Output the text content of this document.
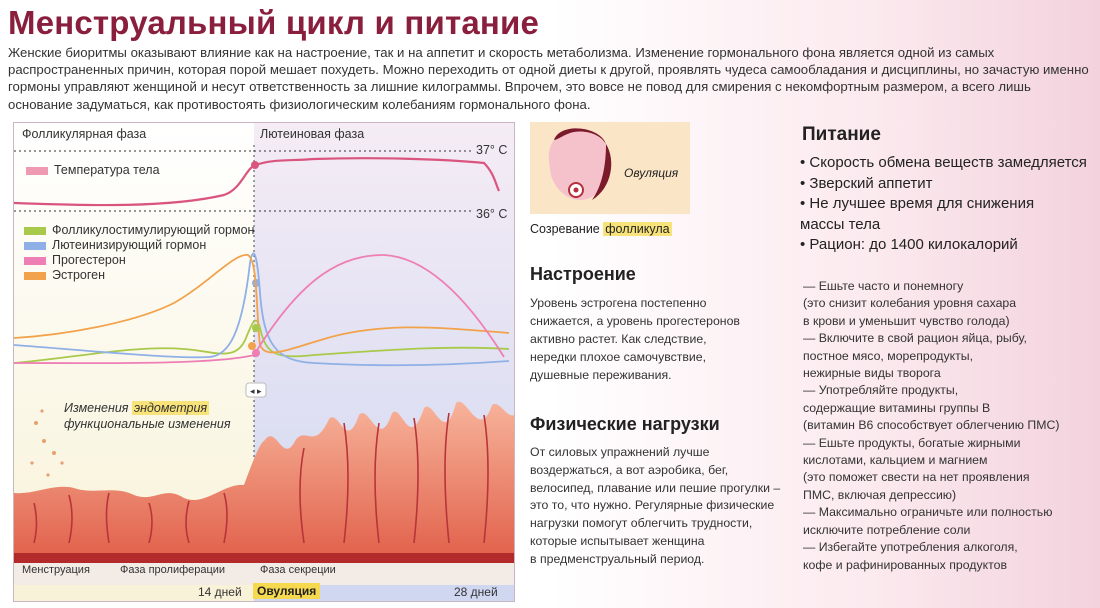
Менструальный цикл и питание
Женские биоритмы оказывают влияние как на настроение, так и на аппетит и скорость метаболизма. Изменение гормонального фона является одной из самых распространенных причин, которая порой мешает похудеть. Можно переходить от одной диеты к другой, проявлять чудеса самообладания и дисциплины, но зачастую именно гормоны управляют женщиной и несут ответственность за лишние килограммы. Впрочем, это вовсе не повод для смирения с некомфортным размером, а всего лишь основание задуматься, как противостоять физиологическим колебаниям гормонального фона.
◂ ▸
Фолликулярная фаза	Лютеиновая фаза
37° C
36° C
Температура тела
Фолликулостимулирующий гормон
Лютеинизирующий гормон
Прогестерон
Эстроген
Изменения эндометрия
функциональные изменения
Менструация	Фаза пролиферации	Фаза секреции
14 дней	Овуляция	28 дней
Овуляция
Созревание фолликула
Настроение
Уровень эстрогена постепенно
снижается, а уровень прогестеронов
активно растет. Как следствие,
нередки плохое самочувствие,
душевные переживания.
Физические нагрузки
От силовых упражнений лучше
воздержаться, а вот аэробика, бег,
велосипед, плавание или пешие прогулки –
это то, что нужно. Регулярные физические
нагрузки помогут облегчить трудности,
которые испытывает женщина
в предменструальный период.
Питание
• Скорость обмена веществ замедляется
• Зверский аппетит
• Не лучшее время для снижения
массы тела
• Рацион: до 1400 килокалорий
— Ешьте часто и понемногу
(это снизит колебания уровня сахара
в крови и уменьшит чувство голода)
— Включите в свой рацион яйца, рыбу,
постное мясо, морепродукты,
нежирные виды творога
— Употребляйте продукты,
содержащие витамины группы B
(витамин B6 способствует облегчению ПМС)
— Ешьте продукты, богатые жирными
кислотами, кальцием и магнием
(это поможет свести на нет проявления
ПМС, включая депрессию)
— Максимально ограничьте или полностью
исключите потребление соли
— Избегайте употребления алкоголя,
кофе и рафинированных продуктов
